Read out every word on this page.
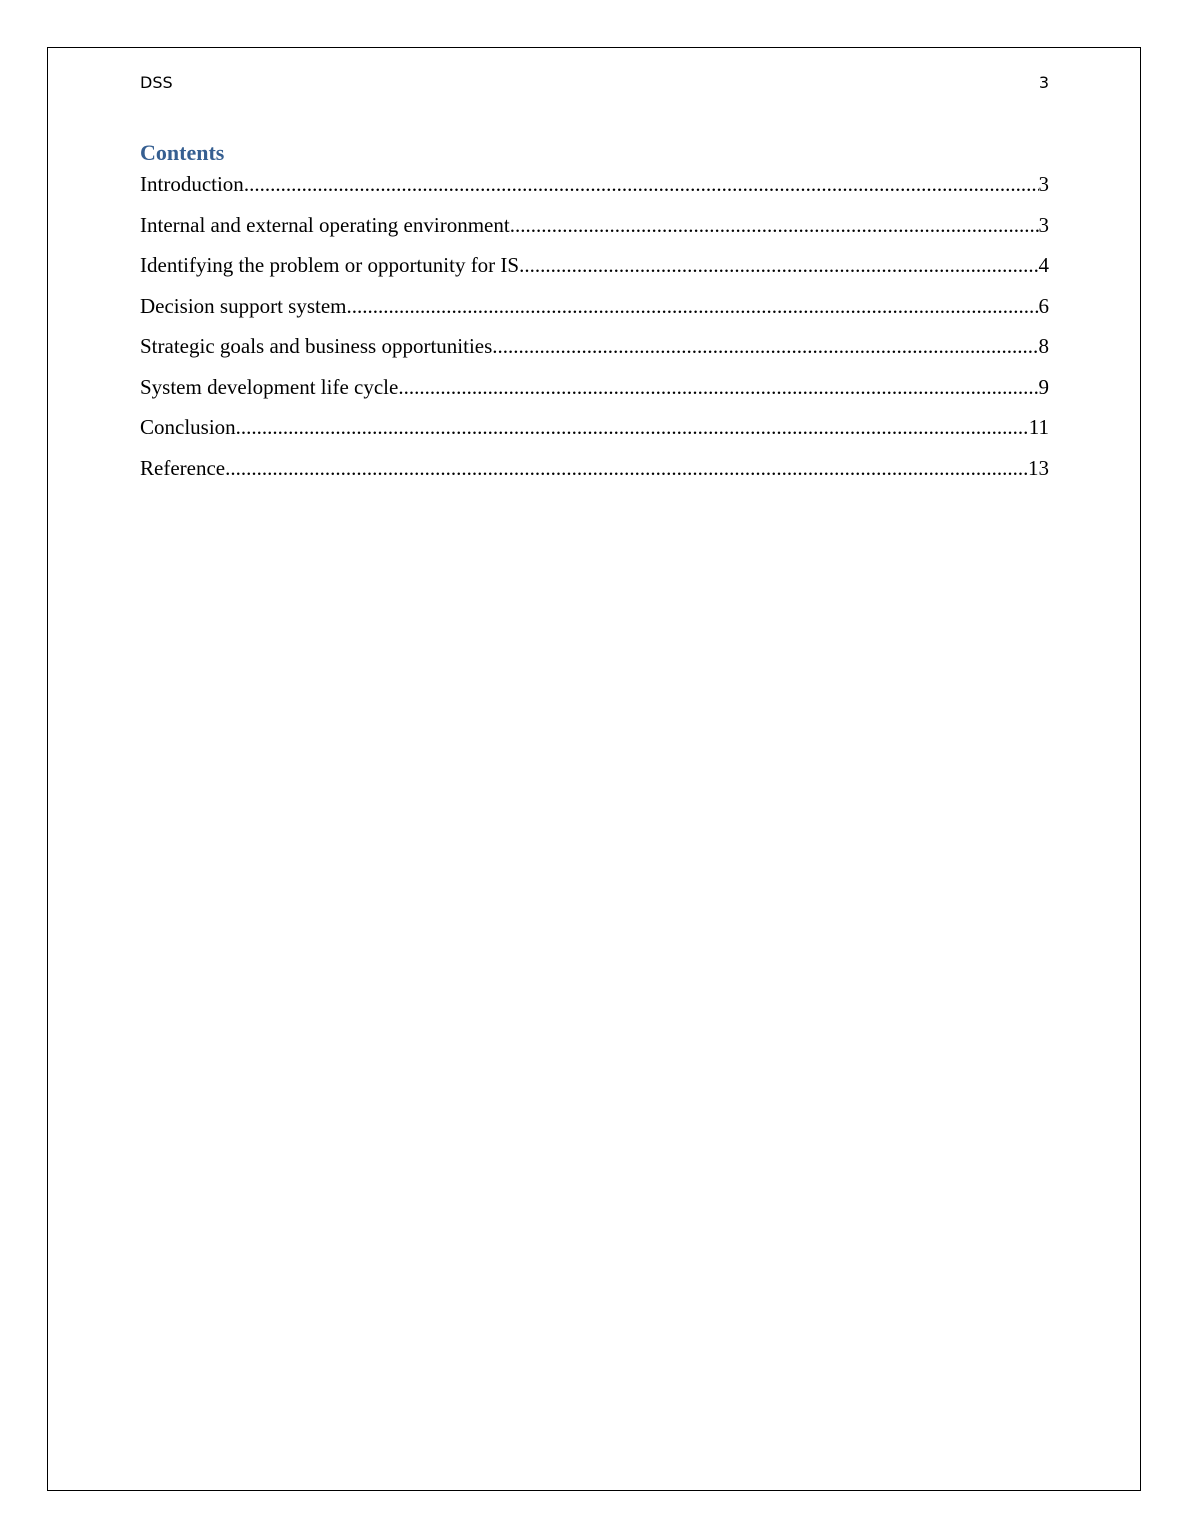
DSS	3
Contents
Introduction .....	3
Internal and external operating environment .....	3
Identifying the problem or opportunity for IS .....	4
Decision support system .....	6
Strategic goals and business opportunities .....	8
System development life cycle .....	9
Conclusion .....	11
Reference .....	13
